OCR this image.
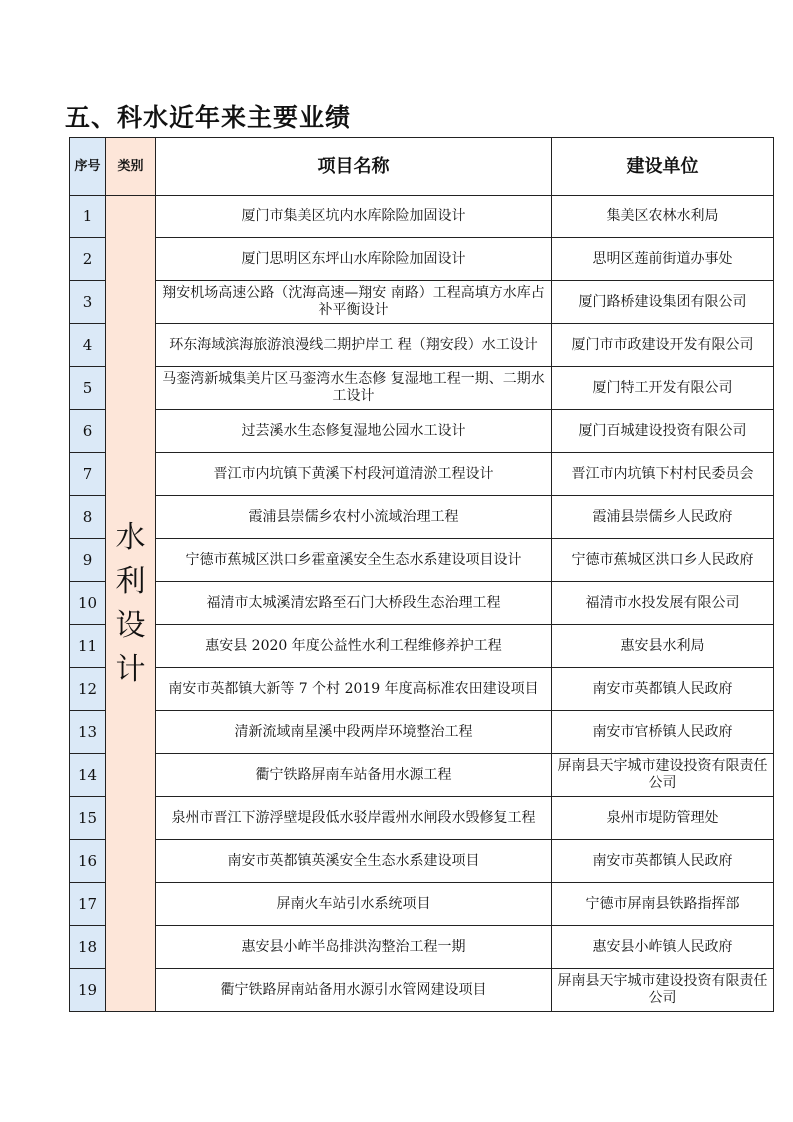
五、科水近年来主要业绩
序号	类别	项目名称	建设单位
1	水利设计	厦门市集美区坑内水库除险加固设计	集美区农林水利局
2		厦门思明区东坪山水库除险加固设计	思明区莲前街道办事处
3		翔安机场高速公路（沈海高速—翔安 南路）工程高填方水库占补平衡设计	厦门路桥建设集团有限公司
4		环东海域滨海旅游浪漫线二期护岸工 程（翔安段）水工设计	厦门市市政建设开发有限公司
5		马銮湾新城集美片区马銮湾水生态修 复湿地工程一期、二期水工设计	厦门特工开发有限公司
6		过芸溪水生态修复湿地公园水工设计	厦门百城建设投资有限公司
7		晋江市内坑镇下黄溪下村段河道清淤工程设计	晋江市内坑镇下村村民委员会
8		霞浦县崇儒乡农村小流域治理工程	霞浦县崇儒乡人民政府
9		宁德市蕉城区洪口乡霍童溪安全生态水系建设项目设计	宁德市蕉城区洪口乡人民政府
10		福清市太城溪清宏路至石门大桥段生态治理工程	福清市水投发展有限公司
11		惠安县 2020 年度公益性水利工程维修养护工程	惠安县水利局
12		南安市英都镇大新等 7 个村 2019 年度高标准农田建设项目	南安市英都镇人民政府
13		清新流域南星溪中段两岸环境整治工程	南安市官桥镇人民政府
14		衢宁铁路屏南车站备用水源工程	屏南县天宇城市建设投资有限责任公司
15		泉州市晋江下游浮壁堤段低水驳岸霞州水闸段水毁修复工程	泉州市堤防管理处
16		南安市英都镇英溪安全生态水系建设项目	南安市英都镇人民政府
17		屏南火车站引水系统项目	宁德市屏南县铁路指挥部
18		惠安县小岞半岛排洪沟整治工程一期	惠安县小岞镇人民政府
19		衢宁铁路屏南站备用水源引水管网建设项目	屏南县天宇城市建设投资有限责任公司
